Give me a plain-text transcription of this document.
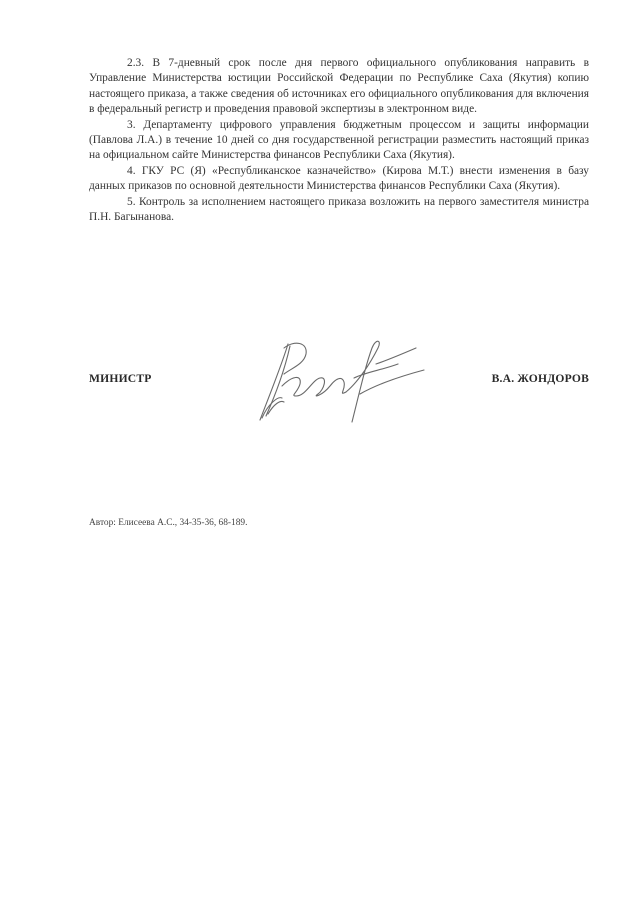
2.3. В 7-дневный срок после дня первого официального опубликования направить в Управление Министерства юстиции Российской Федерации по Республике Саха (Якутия) копию настоящего приказа, а также сведения об источниках его официального опубликования для включения в федеральный регистр и проведения правовой экспертизы в электронном виде.

3. Департаменту цифрового управления бюджетным процессом и защиты информации (Павлова Л.А.) в течение 10 дней со дня государственной регистрации разместить настоящий приказ на официальном сайте Министерства финансов Республики Саха (Якутия).

4. ГКУ РС (Я) «Республиканское казначейство» (Кирова М.Т.) внести изменения в базу данных приказов по основной деятельности Министерства финансов Республики Саха (Якутия).

5. Контроль за исполнением настоящего приказа возложить на первого заместителя министра П.Н. Багынанова.

МИНИСТР	В.А. ЖОНДОРОВ
Автор: Елисеева А.С., 34-35-36, 68-189.
